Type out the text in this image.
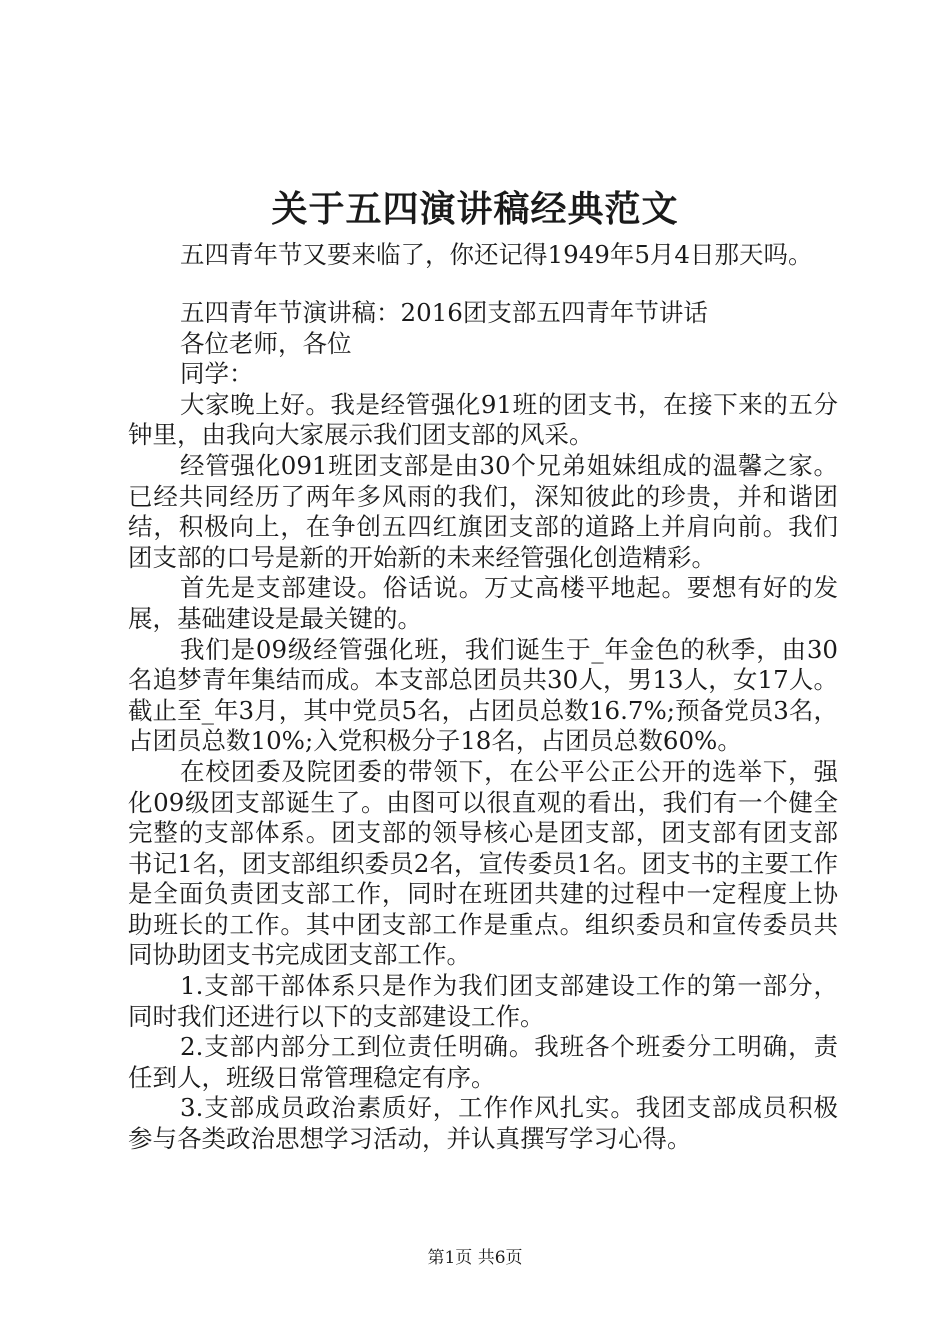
关于五四演讲稿经典范文
五四青年节又要来临了，你还记得1949年5月4日那天吗。

五四青年节演讲稿：2016团支部五四青年节讲话

各位老师，各位

同学：

大家晚上好。我是经管强化91班的团支书，在接下来的五分钟里，由我向大家展示我们团支部的风采。

经管强化091班团支部是由30个兄弟姐妹组成的温馨之家。已经共同经历了两年多风雨的我们，深知彼此的珍贵，并和谐团结，积极向上，在争创五四红旗团支部的道路上并肩向前。我们团支部的口号是新的开始新的未来经管强化创造精彩。

首先是支部建设。俗话说。万丈高楼平地起。要想有好的发展，基础建设是最关键的。

我们是09级经管强化班，我们诞生于_年金色的秋季，由30名追梦青年集结而成。本支部总团员共30人，男13人，女17人。截止至_年3月，其中党员5名，占团员总数16.7%;预备党员3名，占团员总数10%;入党积极分子18名，占团员总数60%。

在校团委及院团委的带领下，在公平公正公开的选举下，强化09级团支部诞生了。由图可以很直观的看出，我们有一个健全完整的支部体系。团支部的领导核心是团支部，团支部有团支部书记1名，团支部组织委员2名，宣传委员1名。团支书的主要工作是全面负责团支部工作，同时在班团共建的过程中一定程度上协助班长的工作。其中团支部工作是重点。组织委员和宣传委员共同协助团支书完成团支部工作。

1.支部干部体系只是作为我们团支部建设工作的第一部分，同时我们还进行以下的支部建设工作。

2.支部内部分工到位责任明确。我班各个班委分工明确，责任到人，班级日常管理稳定有序。

3.支部成员政治素质好，工作作风扎实。我团支部成员积极参与各类政治思想学习活动，并认真撰写学习心得。

第1页 共6页
